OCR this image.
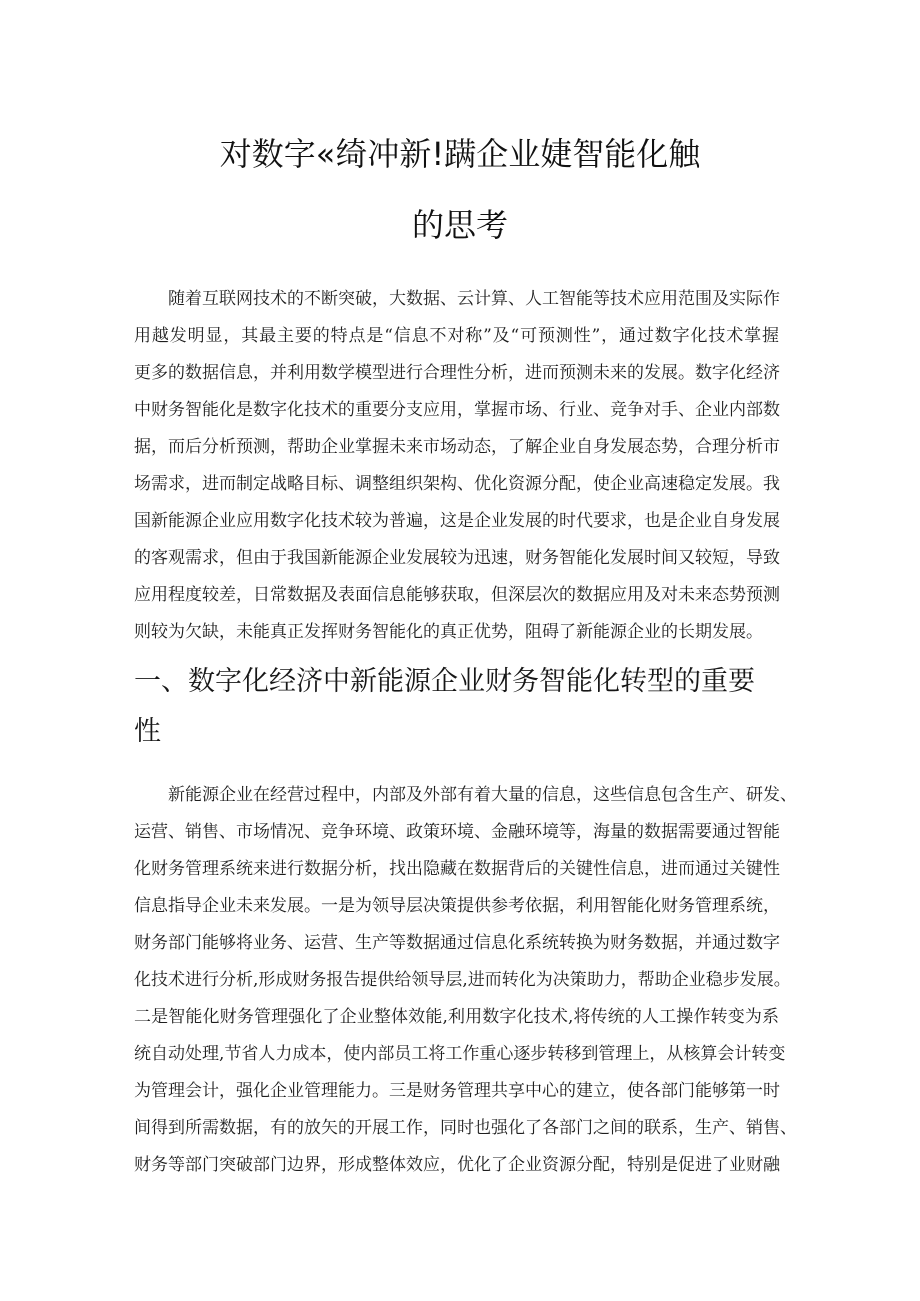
对数字«绮冲新!蹒企业婕智能化触
的思考
随着互联网技术的不断突破，大数据、云计算、人工智能等技术应用范围及实际作
用越发明显，其最主要的特点是“信息不对称”及“可预测性”，通过数字化技术掌握
更多的数据信息，并利用数学模型进行合理性分析，进而预测未来的发展。数字化经济
中财务智能化是数字化技术的重要分支应用，掌握市场、行业、竞争对手、企业内部数
据，而后分析预测，帮助企业掌握未来市场动态，了解企业自身发展态势，合理分析市
场需求，进而制定战略目标、调整组织架构、优化资源分配，使企业高速稳定发展。我
国新能源企业应用数字化技术较为普遍，这是企业发展的时代要求，也是企业自身发展
的客观需求，但由于我国新能源企业发展较为迅速，财务智能化发展时间又较短，导致
应用程度较差，日常数据及表面信息能够获取，但深层次的数据应用及对未来态势预测
则较为欠缺，未能真正发挥财务智能化的真正优势，阻碍了新能源企业的长期发展。
一、数字化经济中新能源企业财务智能化转型的重要
性
新能源企业在经营过程中，内部及外部有着大量的信息，这些信息包含生产、研发、
运营、销售、市场情况、竞争环境、政策环境、金融环境等，海量的数据需要通过智能
化财务管理系统来进行数据分析，找出隐藏在数据背后的关键性信息，进而通过关键性
信息指导企业未来发展。一是为领导层决策提供参考依据，利用智能化财务管理系统，
财务部门能够将业务、运营、生产等数据通过信息化系统转换为财务数据，并通过数字
化技术进行分析,形成财务报告提供给领导层,进而转化为决策助力，帮助企业稳步发展。
二是智能化财务管理强化了企业整体效能,利用数字化技术,将传统的人工操作转变为系
统自动处理,节省人力成本，使内部员工将工作重心逐步转移到管理上，从核算会计转变
为管理会计，强化企业管理能力。三是财务管理共享中心的建立，使各部门能够第一时
间得到所需数据，有的放矢的开展工作，同时也强化了各部门之间的联系，生产、销售、
财务等部门突破部门边界，形成整体效应，优化了企业资源分配，特别是促进了业财融
